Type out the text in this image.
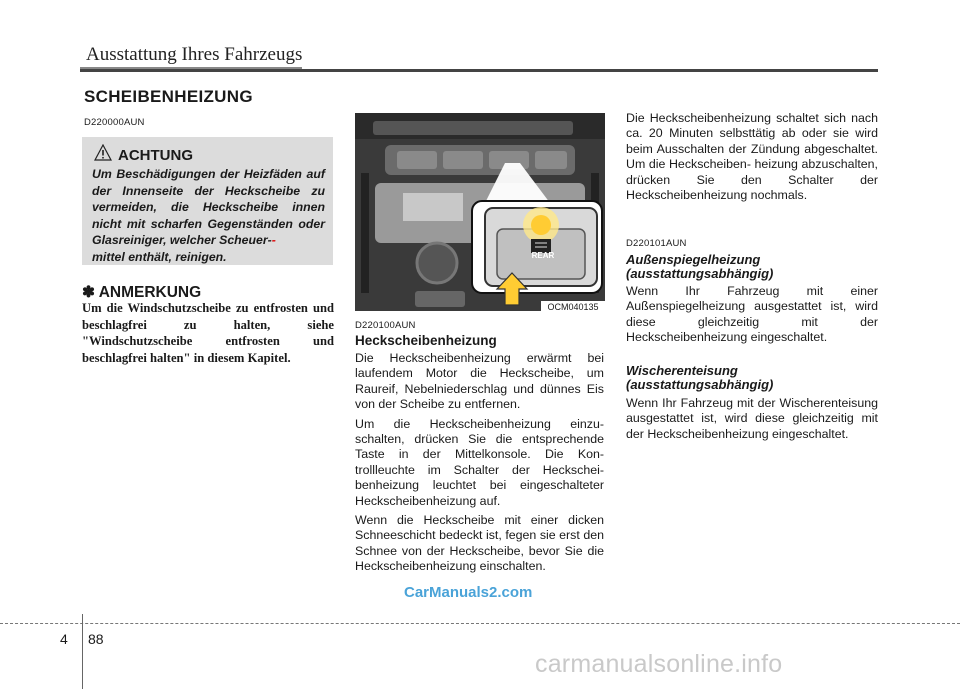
Ausstattung Ihres Fahrzeugs
SCHEIBENHEIZUNG
D220000AUN
ACHTUNG
Um Beschädigungen der Heizfäden auf der Innenseite der Heckscheibe zu vermeiden, die Heckscheibe innen nicht mit scharfen Gegenständen oder Glasreiniger, welcher Scheuer--
mittel enthält, reinigen.
✽ ANMERKUNG
Um die Windschutzscheibe zu entfrosten und beschlagfrei zu halten, siehe "Windschutzscheibe entfrosten und beschlagfrei halten" in diesem Kapitel.
REAR
OCM040135
D220100AUN
Heckscheibenheizung

Die Heckscheibenheizung erwärmt bei laufendem Motor die Heckscheibe, um Raureif, Nebelniederschlag und dünnes Eis von der Scheibe zu entfernen.

Um die Heckscheibenheizung einzu- schalten, drücken Sie die entsprechende Taste in der Mittelkonsole. Die Kon- trollleuchte im Schalter der Heckschei- benheizung leuchtet bei eingeschalteter Heckscheibenheizung auf.

Wenn die Heckscheibe mit einer dicken Schneeschicht bedeckt ist, fegen sie erst den Schnee von der Heckscheibe, bevor Sie die Heckscheibenheizung einschalten.

Die Heckscheibenheizung schaltet sich nach ca. 20 Minuten selbsttätig ab oder sie wird beim Ausschalten der Zündung abgeschaltet. Um die Heckscheiben- heizung abzuschalten, drücken Sie den Schalter der Heckscheibenheizung nochmals.
D220101AUN
Außenspiegelheizung
(ausstattungsabhängig)
Wenn Ihr Fahrzeug mit einer Außenspiegelheizung ausgestattet ist, wird diese gleichzeitig mit der Heckscheibenheizung eingeschaltet.
Wischerenteisung
(ausstattungsabhängig)
Wenn Ihr Fahrzeug mit der Wischerenteisung ausgestattet ist, wird diese gleichzeitig mit der Heckscheibenheizung eingeschaltet.
CarManuals2.com
4 88
carmanualsonline.info
